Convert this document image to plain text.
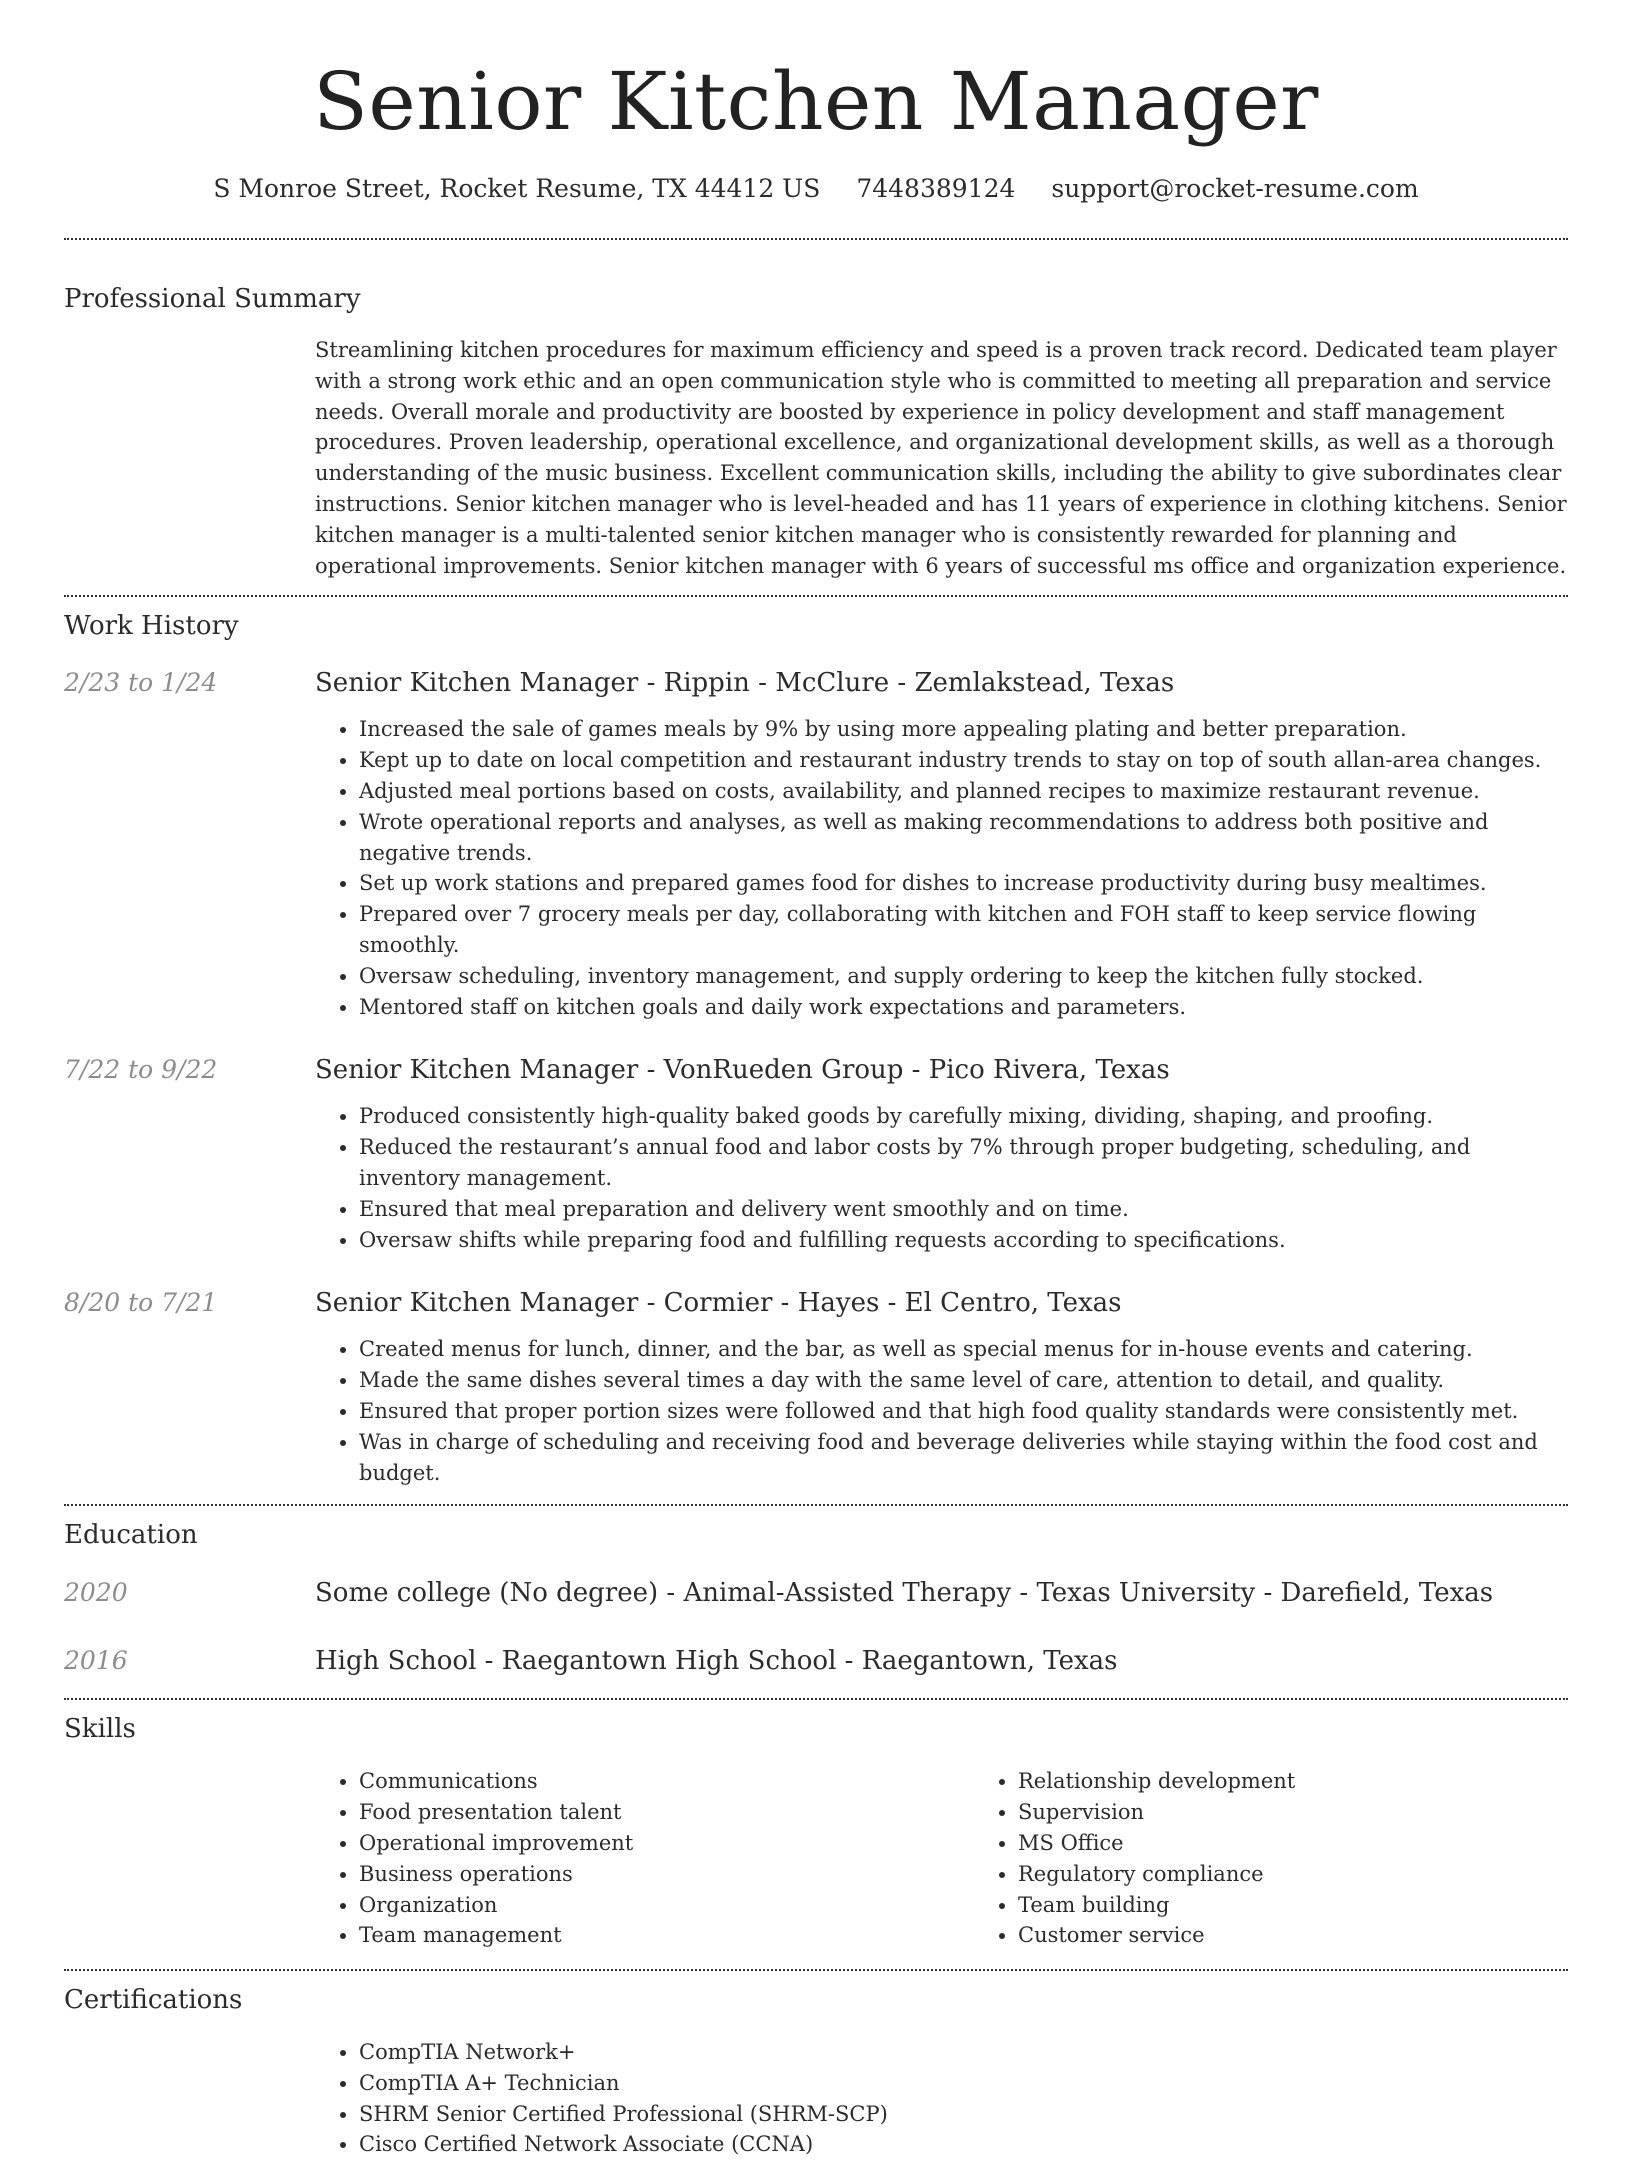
Senior Kitchen Manager
S Monroe Street, Rocket Resume, TX 44412 US 7448389124 support@rocket-resume.com
Professional Summary

Streamlining kitchen procedures for maximum efficiency and speed is a proven track record. Dedicated team player with a strong work ethic and an open communication style who is committed to meeting all preparation and service needs. Overall morale and productivity are boosted by experience in policy development and staff management procedures. Proven leadership, operational excellence, and organizational development skills, as well as a thorough understanding of the music business. Excellent communication skills, including the ability to give subordinates clear instructions. Senior kitchen manager who is level-headed and has 11 years of experience in clothing kitchens. Senior kitchen manager is a multi-talented senior kitchen manager who is consistently rewarded for planning and operational improvements. Senior kitchen manager with 6 years of successful ms office and organization experience.

Work History
2/23 to 1/24	Senior Kitchen Manager - Rippin - McClure - Zemlakstead, Texas
• Increased the sale of games meals by 9% by using more appealing plating and better preparation.
• Kept up to date on local competition and restaurant industry trends to stay on top of south allan-area changes.
• Adjusted meal portions based on costs, availability, and planned recipes to maximize restaurant revenue.
• Wrote operational reports and analyses, as well as making recommendations to address both positive and negative trends.
• Set up work stations and prepared games food for dishes to increase productivity during busy mealtimes.
• Prepared over 7 grocery meals per day, collaborating with kitchen and FOH staff to keep service flowing smoothly.
• Oversaw scheduling, inventory management, and supply ordering to keep the kitchen fully stocked.
• Mentored staff on kitchen goals and daily work expectations and parameters.
7/22 to 9/22	Senior Kitchen Manager - VonRueden Group - Pico Rivera, Texas
• Produced consistently high-quality baked goods by carefully mixing, dividing, shaping, and proofing.
• Reduced the restaurant’s annual food and labor costs by 7% through proper budgeting, scheduling, and inventory management.
• Ensured that meal preparation and delivery went smoothly and on time.
• Oversaw shifts while preparing food and fulfilling requests according to specifications.
8/20 to 7/21	Senior Kitchen Manager - Cormier - Hayes - El Centro, Texas
• Created menus for lunch, dinner, and the bar, as well as special menus for in-house events and catering.
• Made the same dishes several times a day with the same level of care, attention to detail, and quality.
• Ensured that proper portion sizes were followed and that high food quality standards were consistently met.
• Was in charge of scheduling and receiving food and beverage deliveries while staying within the food cost and budget.
Education
2020	Some college (No degree) - Animal-Assisted Therapy - Texas University - Darefield, Texas
2016	High School - Raegantown High School - Raegantown, Texas
Skills
• Communications
• Food presentation talent
• Operational improvement
• Business operations
• Organization
• Team management
• Relationship development
• Supervision
• MS Office
• Regulatory compliance
• Team building
• Customer service
Certifications
• CompTIA Network+
• CompTIA A+ Technician
• SHRM Senior Certified Professional (SHRM-SCP)
• Cisco Certified Network Associate (CCNA)
